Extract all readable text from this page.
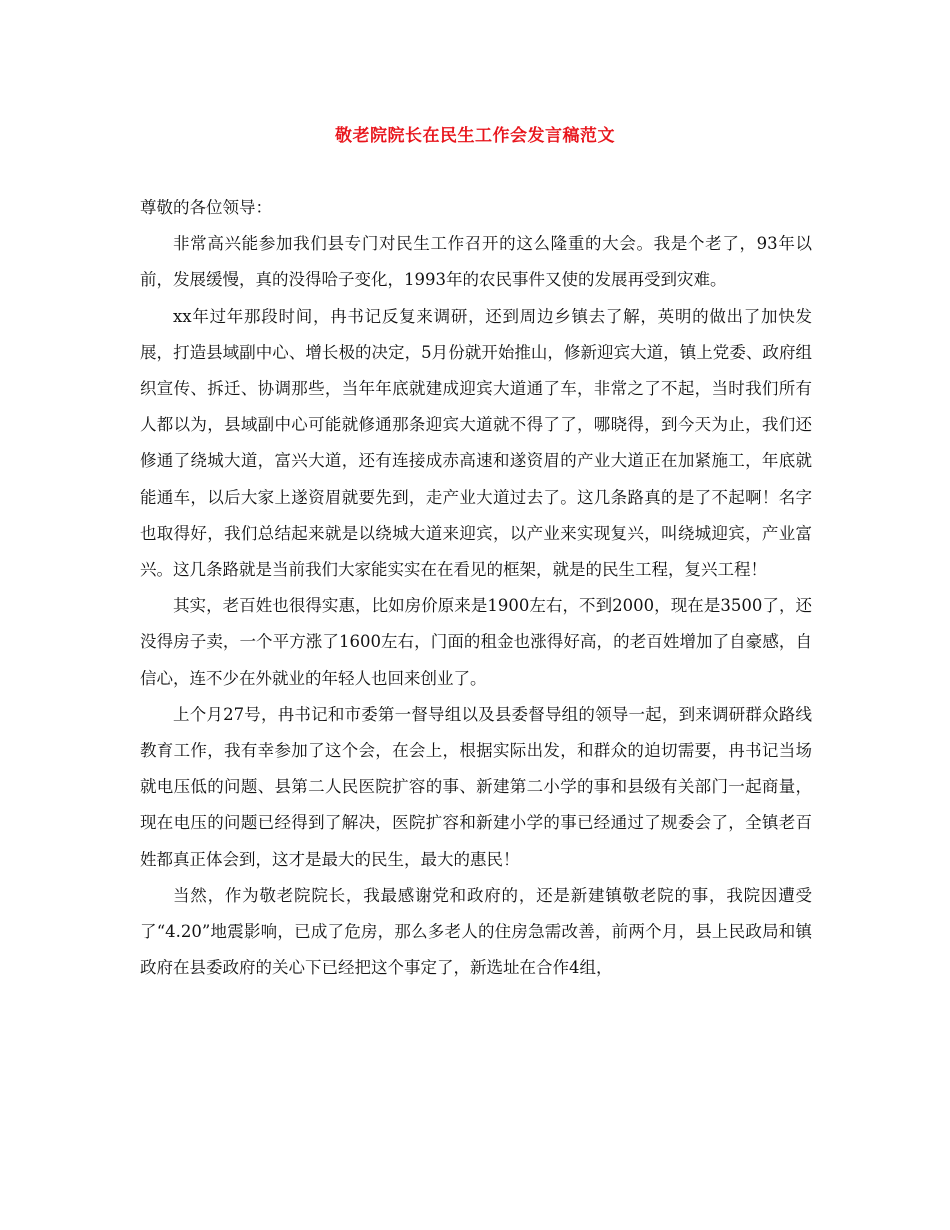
敬老院院长在民生工作会发言稿范文

尊敬的各位领导：

非常高兴能参加我们县专门对民生工作召开的这么隆重的大会。我是个老了，93年以前，发展缓慢，真的没得哈子变化，1993年的农民事件又使的发展再受到灾难。

xx年过年那段时间，冉书记反复来调研，还到周边乡镇去了解，英明的做出了加快发展，打造县域副中心、增长极的决定，5月份就开始推山，修新迎宾大道，镇上党委、政府组织宣传、拆迁、协调那些，当年年底就建成迎宾大道通了车，非常之了不起，当时我们所有人都以为，县域副中心可能就修通那条迎宾大道就不得了了，哪晓得，到今天为止，我们还修通了绕城大道，富兴大道，还有连接成赤高速和遂资眉的产业大道正在加紧施工，年底就能通车，以后大家上遂资眉就要先到，走产业大道过去了。这几条路真的是了不起啊！名字也取得好，我们总结起来就是以绕城大道来迎宾，以产业来实现复兴，叫绕城迎宾，产业富兴。这几条路就是当前我们大家能实实在在看见的框架，就是的民生工程，复兴工程！

其实，老百姓也很得实惠，比如房价原来是1900左右，不到2000，现在是3500了，还没得房子卖，一个平方涨了1600左右，门面的租金也涨得好高，的老百姓增加了自豪感，自信心，连不少在外就业的年轻人也回来创业了。

上个月27号，冉书记和市委第一督导组以及县委督导组的领导一起，到来调研群众路线教育工作，我有幸参加了这个会，在会上，根据实际出发，和群众的迫切需要，冉书记当场就电压低的问题、县第二人民医院扩容的事、新建第二小学的事和县级有关部门一起商量，现在电压的问题已经得到了解决，医院扩容和新建小学的事已经通过了规委会了，全镇老百姓都真正体会到，这才是最大的民生，最大的惠民！

当然，作为敬老院院长，我最感谢党和政府的，还是新建镇敬老院的事，我院因遭受了“4.20”地震影响，已成了危房，那么多老人的住房急需改善，前两个月，县上民政局和镇政府在县委政府的关心下已经把这个事定了，新选址在合作4组，
